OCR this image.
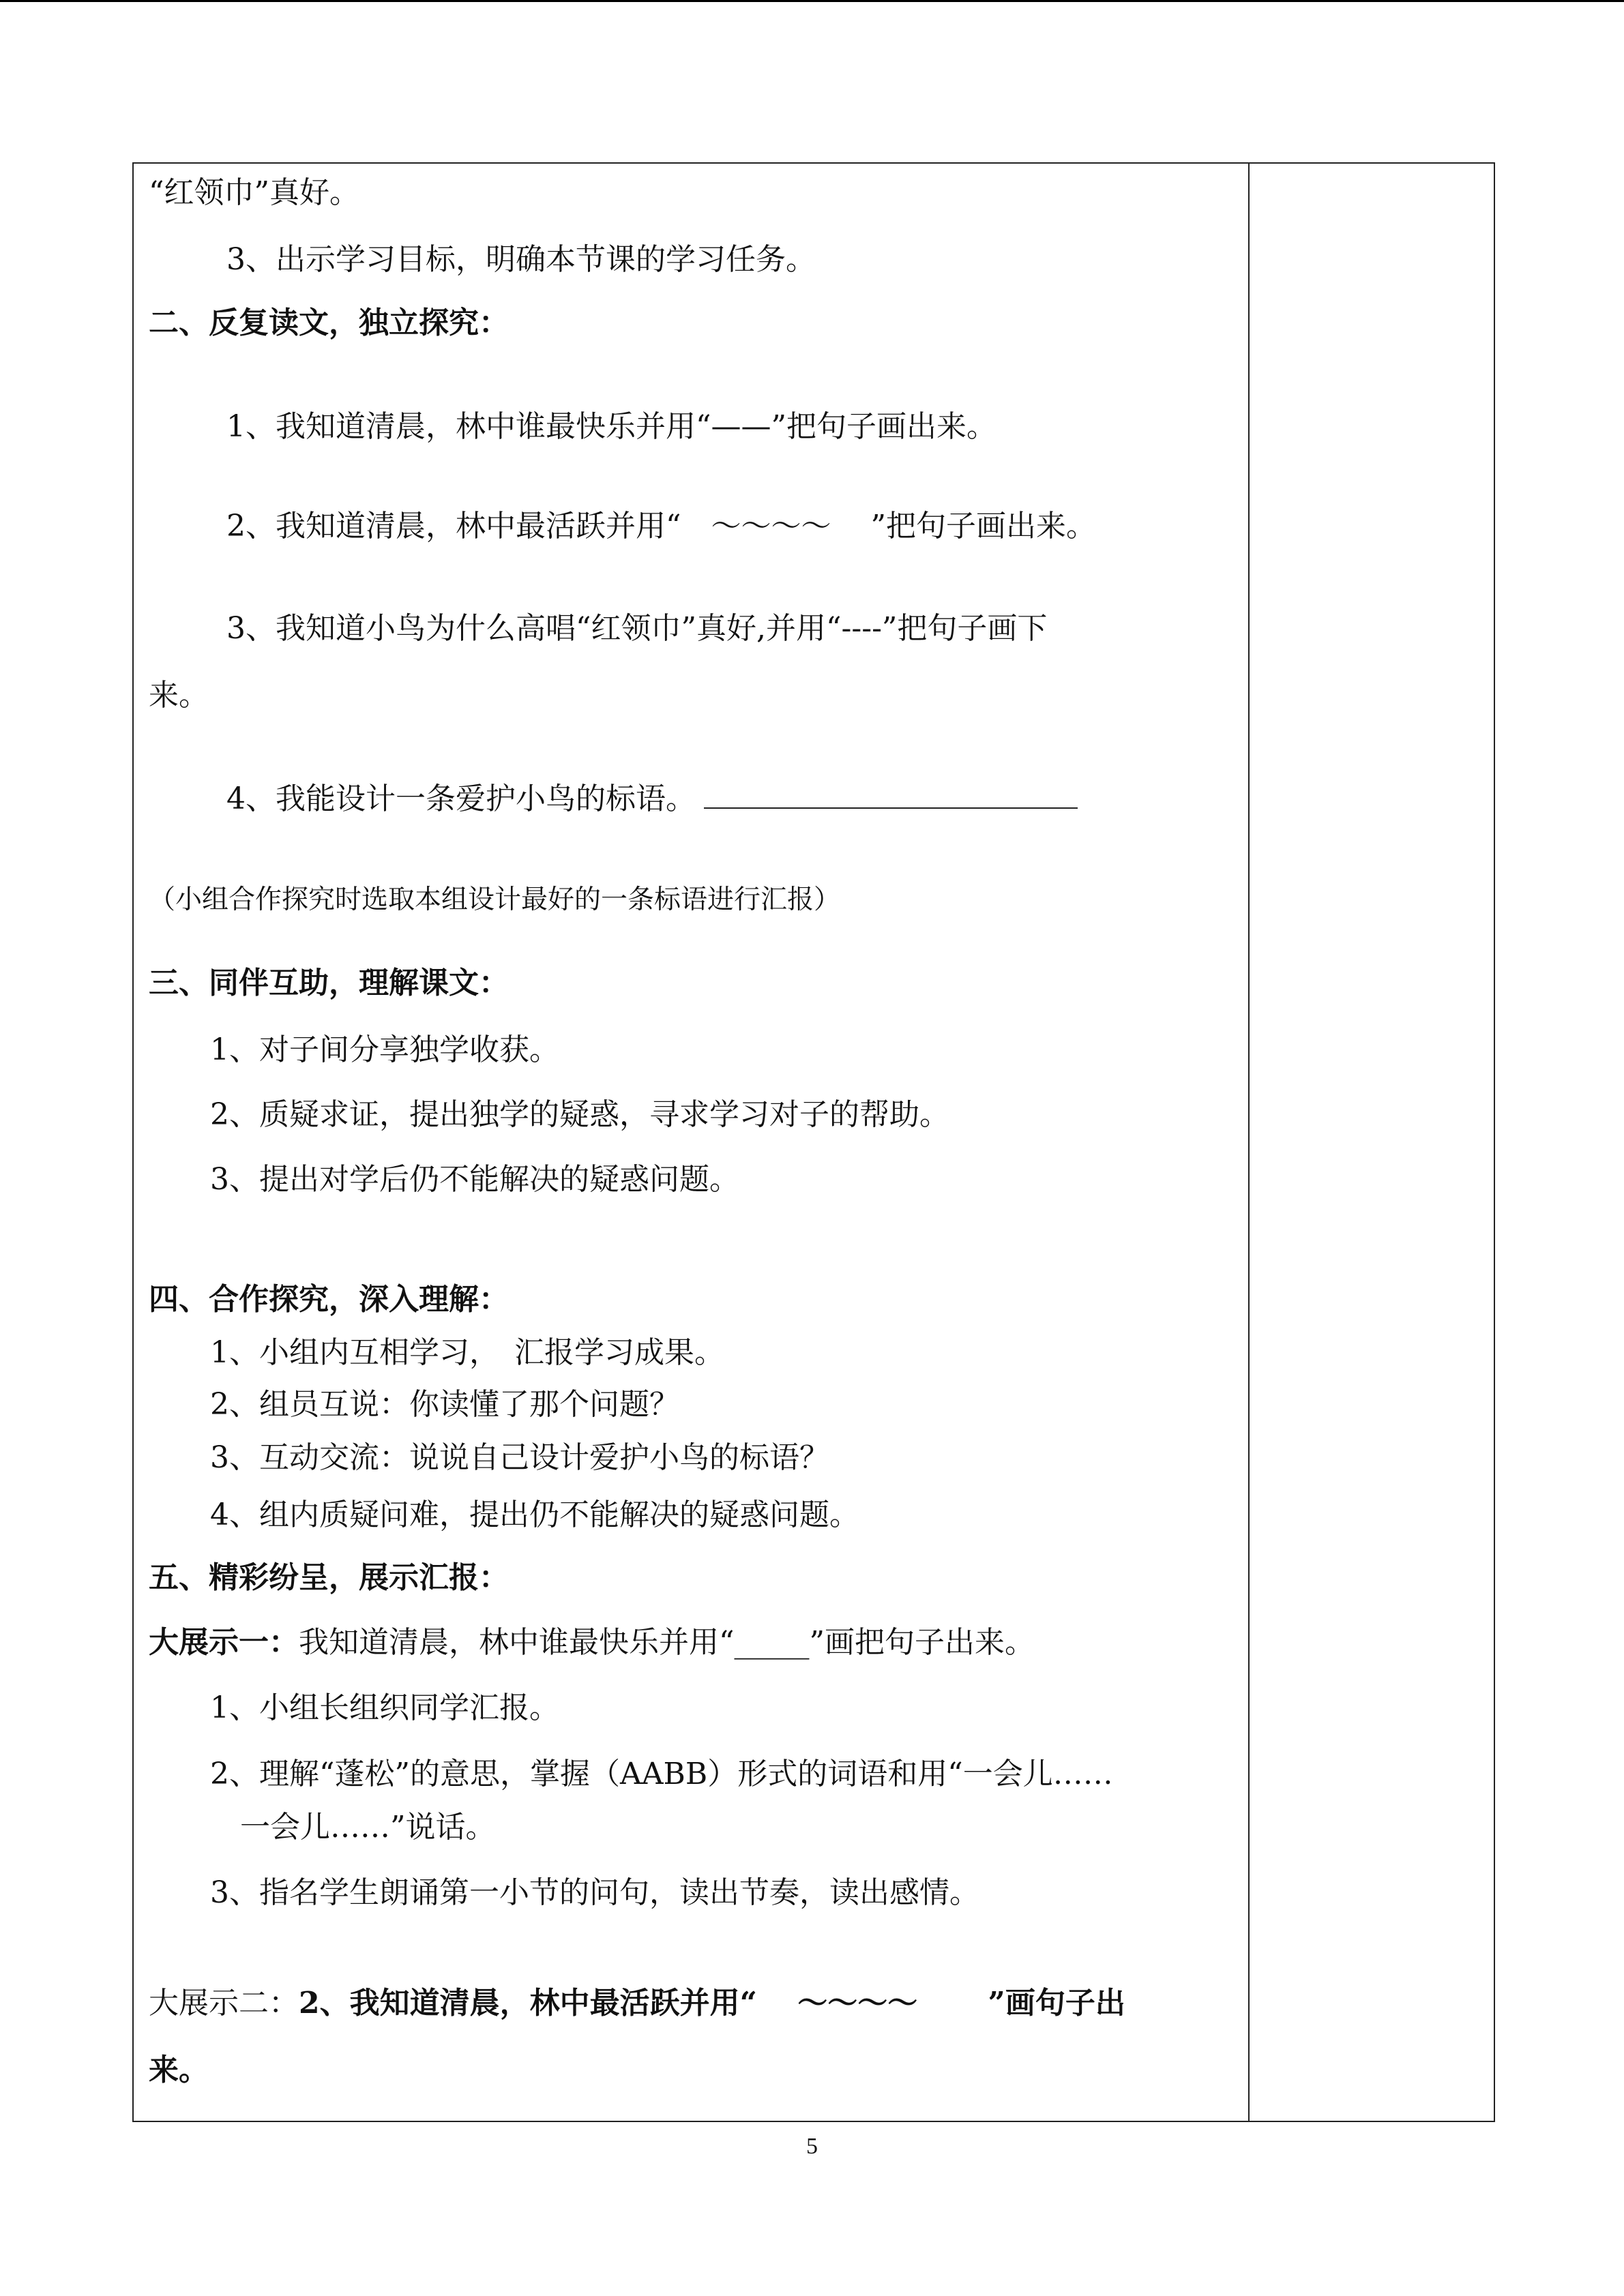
“红领巾”真好。
3、出示学习目标，明确本节课的学习任务。
二、反复读文，独立探究：
1、我知道清晨，林中谁最快乐并用“——”把句子画出来。
2、我知道清晨，林中最活跃并用“　～～～～　 ”把句子画出来。
3、我知道小鸟为什么高唱“红领巾”真好,并用“----”把句子画下
来。
4、我能设计一条爱护小鸟的标语。
（小组合作探究时选取本组设计最好的一条标语进行汇报）
三、同伴互助，理解课文：
1、对子间分享独学收获。
2、质疑求证，提出独学的疑惑，寻求学习对子的帮助。
3、提出对学后仍不能解决的疑惑问题。
四、合作探究，深入理解：
1、小组内互相学习，　汇报学习成果。
2、组员互说：你读懂了那个问题？
3、互动交流：说说自己设计爱护小鸟的标语？
4、组内质疑问难，提出仍不能解决的疑惑问题。
五、精彩纷呈，展示汇报：
大展示一：我知道清晨，林中谁最快乐并用“_____”画把句子出来。
1、小组长组织同学汇报。
2、理解“蓬松”的意思，掌握（AABB）形式的词语和用“一会儿……
一会儿……”说话。
3、指名学生朗诵第一小节的问句，读出节奏，读出感情。
大展示二：2、我知道清晨，林中最活跃并用“　 ～～～～　　 ”画句子出
来。
5
